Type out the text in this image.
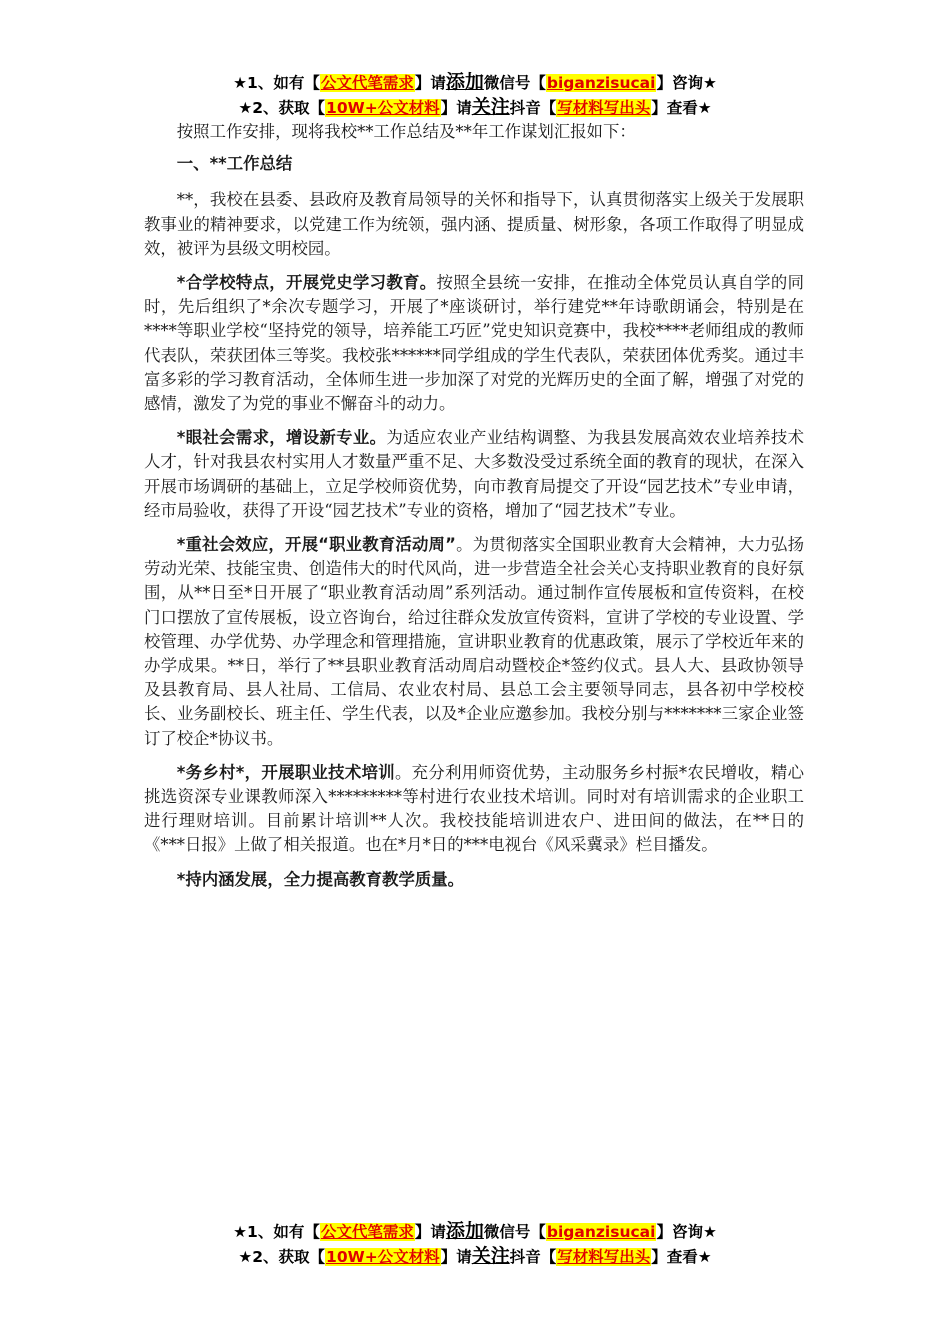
★1、如有【公文代笔需求】请添加微信号【biganzisucai】咨询★
★2、获取【10W+公文材料】请关注抖音【写材料写出头】查看★

按照工作安排，现将我校**工作总结及**年工作谋划汇报如下：

一、**工作总结

**，我校在县委、县政府及教育局领导的关怀和指导下，认真贯彻落实上级关于发展职教事业的精神要求，以党建工作为统领，强内涵、提质量、树形象，各项工作取得了明显成效，被评为县级文明校园。

*合学校特点，开展党史学习教育。按照全县统一安排，在推动全体党员认真自学的同时，先后组织了*余次专题学习，开展了*座谈研讨，举行建党**年诗歌朗诵会，特别是在****等职业学校“坚持党的领导，培养能工巧匠”党史知识竞赛中，我校****老师组成的教师代表队，荣获团体三等奖。我校张******同学组成的学生代表队，荣获团体优秀奖。通过丰富多彩的学习教育活动，全体师生进一步加深了对党的光辉历史的全面了解，增强了对党的感情，激发了为党的事业不懈奋斗的动力。

*眼社会需求，增设新专业。为适应农业产业结构调整、为我县发展高效农业培养技术人才，针对我县农村实用人才数量严重不足、大多数没受过系统全面的教育的现状，在深入开展市场调研的基础上，立足学校师资优势，向市教育局提交了开设“园艺技术”专业申请，经市局验收，获得了开设“园艺技术”专业的资格，增加了“园艺技术”专业。

*重社会效应，开展“职业教育活动周”。为贯彻落实全国职业教育大会精神，大力弘扬劳动光荣、技能宝贵、创造伟大的时代风尚，进一步营造全社会关心支持职业教育的良好氛围，从**日至*日开展了“职业教育活动周”系列活动。通过制作宣传展板和宣传资料，在校门口摆放了宣传展板，设立咨询台，给过往群众发放宣传资料，宣讲了学校的专业设置、学校管理、办学优势、办学理念和管理措施，宣讲职业教育的优惠政策，展示了学校近年来的办学成果。**日，举行了**县职业教育活动周启动暨校企*签约仪式。县人大、县政协领导及县教育局、县人社局、工信局、农业农村局、县总工会主要领导同志，县各初中学校校长、业务副校长、班主任、学生代表，以及*企业应邀参加。我校分别与*******三家企业签订了校企*协议书。

*务乡村*，开展职业技术培训。充分利用师资优势，主动服务乡村振*农民增收，精心挑选资深专业课教师深入*********等村进行农业技术培训。同时对有培训需求的企业职工进行理财培训。目前累计培训**人次。我校技能培训进农户、进田间的做法，在**日的《***日报》上做了相关报道。也在*月*日的***电视台《风采冀录》栏目播发。

*持内涵发展，全力提高教育教学质量。

★1、如有【公文代笔需求】请添加微信号【biganzisucai】咨询★
★2、获取【10W+公文材料】请关注抖音【写材料写出头】查看★
